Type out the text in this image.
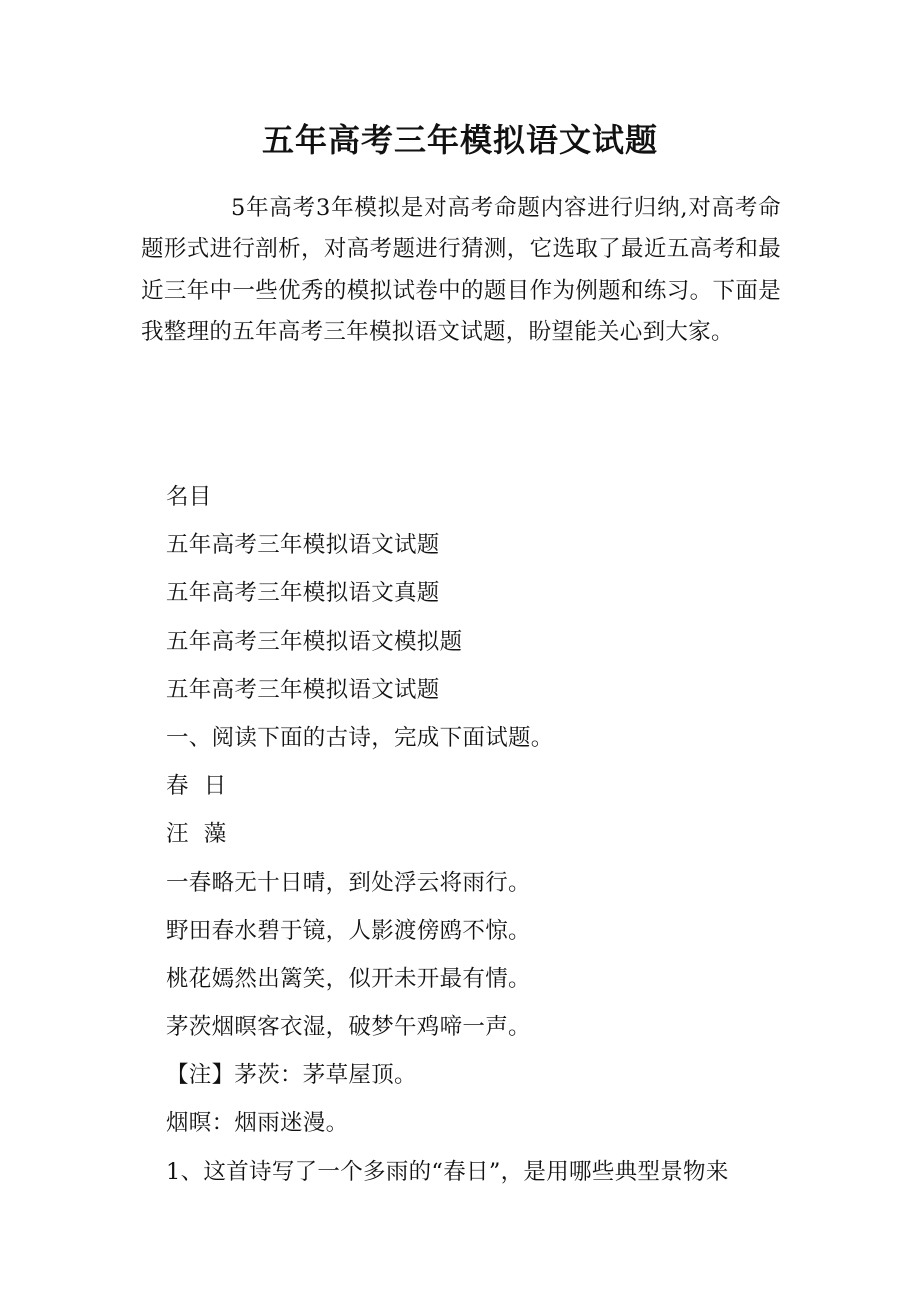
五年高考三年模拟语文试题

5年高考3年模拟是对高考命题内容进行归纳,对高考命题形式进行剖析，对高考题进行猜测，它选取了最近五高考和最近三年中一些优秀的模拟试卷中的题目作为例题和练习。下面是我整理的五年高考三年模拟语文试题，盼望能关心到大家。

名目
五年高考三年模拟语文试题
五年高考三年模拟语文真题
五年高考三年模拟语文模拟题
五年高考三年模拟语文试题
一、阅读下面的古诗，完成下面试题。
春  日
汪  藻
一春略无十日晴，到处浮云将雨行。
野田春水碧于镜，人影渡傍鸥不惊。
桃花嫣然出篱笑，似开未开最有情。
茅茨烟暝客衣湿，破梦午鸡啼一声。
【注】茅茨：茅草屋顶。
烟暝：烟雨迷漫。
1、这首诗写了一个多雨的“春日”，是用哪些典型景物来
